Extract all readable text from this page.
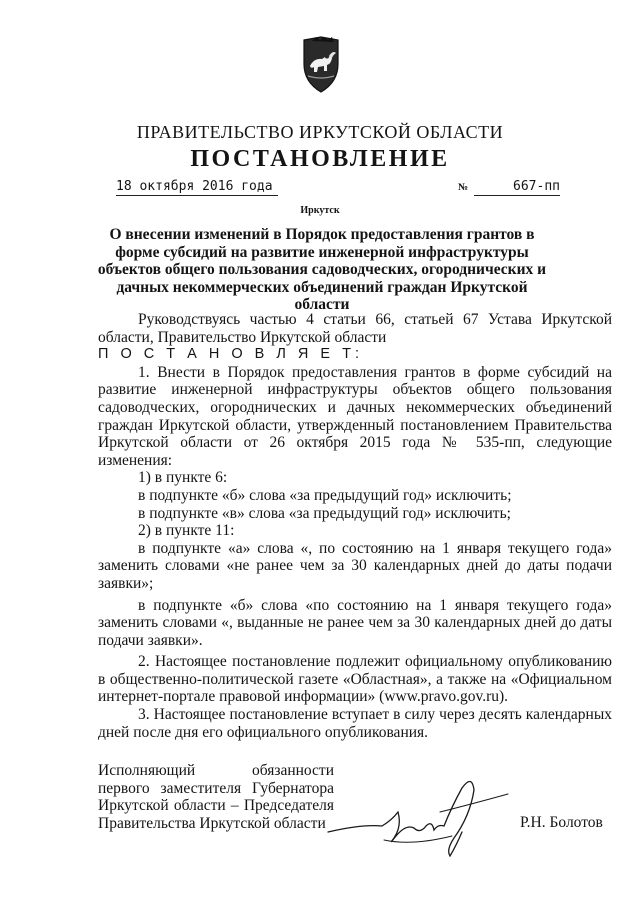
ПРАВИТЕЛЬСТВО ИРКУТСКОЙ ОБЛАСТИ
ПОСТАНОВЛЕНИЕ
18 октября 2016 года	№	667-пп
Иркутск
О внесении изменений в Порядок предоставления грантов в форме субсидий на развитие инженерной инфраструктуры объектов общего пользования садоводческих, огороднических и дачных некоммерческих объединений граждан Иркутской области

Руководствуясь частью 4 статьи 66, статьей 67 Устава Иркутской области, Правительство Иркутской области

П О С Т А Н О В Л Я Е Т:

1. Внести в Порядок предоставления грантов в форме субсидий на развитие инженерной инфраструктуры объектов общего пользования садоводческих, огороднических и дачных некоммерческих объединений граждан Иркутской области, утвержденный постановлением Правительства Иркутской области от 26 октября 2015 года № 535-пп, следующие изменения:

1) в пункте 6:

в подпункте «б» слова «за предыдущий год» исключить;

в подпункте «в» слова «за предыдущий год» исключить;

2) в пункте 11:

в подпункте «а» слова «, по состоянию на 1 января текущего года» заменить словами «не ранее чем за 30 календарных дней до даты подачи заявки»;

в подпункте «б» слова «по состоянию на 1 января текущего года» заменить словами «, выданные не ранее чем за 30 календарных дней до даты подачи заявки».

2. Настоящее постановление подлежит официальному опубликованию в общественно-политической газете «Областная», а также на «Официальном интернет-портале правовой информации» (www.pravo.gov.ru).

3. Настоящее постановление вступает в силу через десять календарных дней после дня его официального опубликования.

Исполняющий обязанности
первого заместителя Губернатора
Иркутской области – Председателя
Правительства Иркутской области	Р.Н. Болотов
